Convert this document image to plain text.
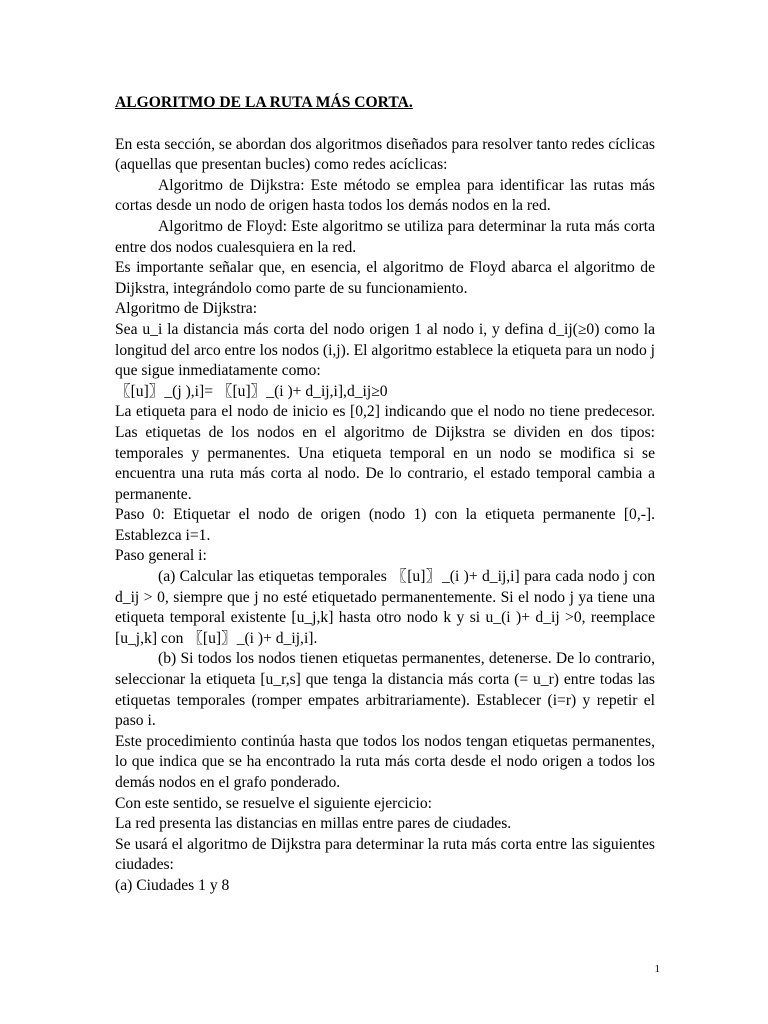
ALGORITMO DE LA RUTA MÁS CORTA.

En esta sección, se abordan dos algoritmos diseñados para resolver tanto redes cíclicas (aquellas que presentan bucles) como redes acíclicas:

Algoritmo de Dijkstra: Este método se emplea para identificar las rutas más cortas desde un nodo de origen hasta todos los demás nodos en la red.

Algoritmo de Floyd: Este algoritmo se utiliza para determinar la ruta más corta entre dos nodos cualesquiera en la red.

Es importante señalar que, en esencia, el algoritmo de Floyd abarca el algoritmo de Dijkstra, integrándolo como parte de su funcionamiento.

Algoritmo de Dijkstra:

Sea u_i la distancia más corta del nodo origen 1 al nodo i, y defina d_ij(≥0) como la longitud del arco entre los nodos (i,j). El algoritmo establece la etiqueta para un nodo j que sigue inmediatamente como:

〖[u]〗_(j ),i]= 〖[u]〗_(i )+ d_ij,i],d_ij≥0

La etiqueta para el nodo de inicio es [0,2] indicando que el nodo no tiene predecesor. Las etiquetas de los nodos en el algoritmo de Dijkstra se dividen en dos tipos: temporales y permanentes. Una etiqueta temporal en un nodo se modifica si se encuentra una ruta más corta al nodo. De lo contrario, el estado temporal cambia a permanente.

Paso 0: Etiquetar el nodo de origen (nodo 1) con la etiqueta permanente [0,-]. Establezca i=1.

Paso general i:

(a) Calcular las etiquetas temporales 〖[u]〗_(i )+ d_ij,i] para cada nodo j con d_ij > 0, siempre que j no esté etiquetado permanentemente. Si el nodo j ya tiene una etiqueta temporal existente [u_j,k] hasta otro nodo k y si u_(i )+ d_ij >0, reemplace [u_j,k] con 〖[u]〗_(i )+ d_ij,i].

(b) Si todos los nodos tienen etiquetas permanentes, detenerse. De lo contrario, seleccionar la etiqueta [u_r,s] que tenga la distancia más corta (= u_r) entre todas las etiquetas temporales (romper empates arbitrariamente). Establecer (i=r) y repetir el paso i.

Este procedimiento continúa hasta que todos los nodos tengan etiquetas permanentes, lo que indica que se ha encontrado la ruta más corta desde el nodo origen a todos los demás nodos en el grafo ponderado.

Con este sentido, se resuelve el siguiente ejercicio:

La red presenta las distancias en millas entre pares de ciudades.

Se usará el algoritmo de Dijkstra para determinar la ruta más corta entre las siguientes ciudades:

(a) Ciudades 1 y 8

1
